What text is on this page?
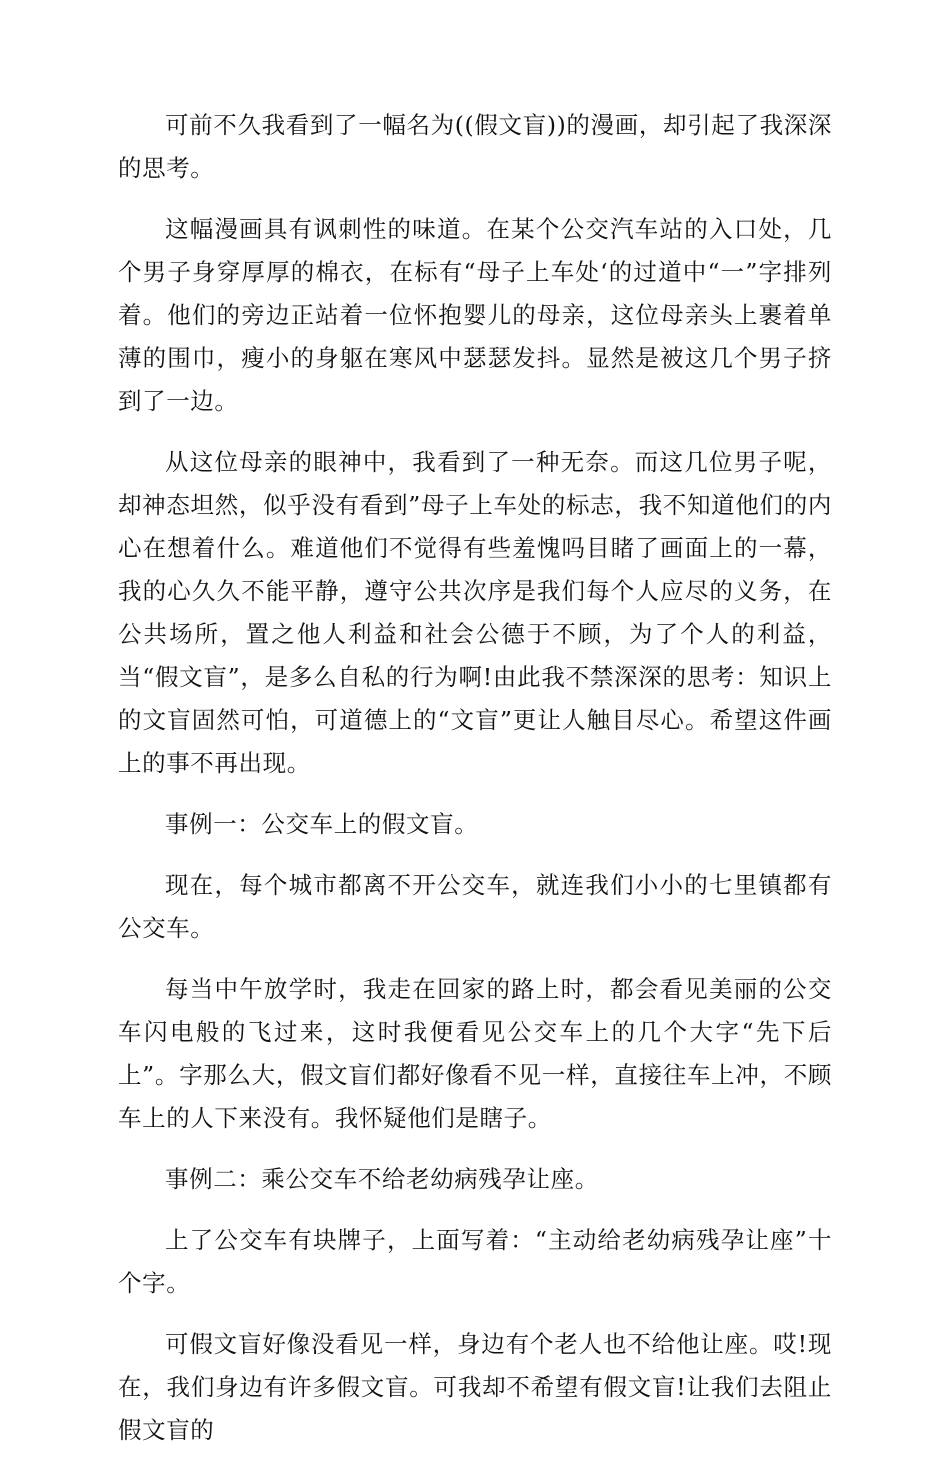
可前不久我看到了一幅名为((假文盲))的漫画，却引起了我深深的思考。

这幅漫画具有讽刺性的味道。在某个公交汽车站的入口处，几个男子身穿厚厚的棉衣，在标有“母子上车处‘的过道中“一”字排列着。他们的旁边正站着一位怀抱婴儿的母亲，这位母亲头上裹着单薄的围巾，瘦小的身躯在寒风中瑟瑟发抖。显然是被这几个男子挤到了一边。

从这位母亲的眼神中，我看到了一种无奈。而这几位男子呢，却神态坦然，似乎没有看到”母子上车处的标志，我不知道他们的内心在想着什么。难道他们不觉得有些羞愧吗目睹了画面上的一幕，我的心久久不能平静，遵守公共次序是我们每个人应尽的义务，在公共场所，置之他人利益和社会公德于不顾，为了个人的利益，当“假文盲”，是多么自私的行为啊!由此我不禁深深的思考：知识上的文盲固然可怕，可道德上的“文盲”更让人触目尽心。希望这件画上的事不再出现。

事例一：公交车上的假文盲。

现在，每个城市都离不开公交车，就连我们小小的七里镇都有公交车。

每当中午放学时，我走在回家的路上时，都会看见美丽的公交车闪电般的飞过来，这时我便看见公交车上的几个大字“先下后上”。字那么大，假文盲们都好像看不见一样，直接往车上冲，不顾车上的人下来没有。我怀疑他们是瞎子。

事例二：乘公交车不给老幼病残孕让座。

上了公交车有块牌子，上面写着：“主动给老幼病残孕让座”十个字。

可假文盲好像没看见一样，身边有个老人也不给他让座。哎!现在，我们身边有许多假文盲。可我却不希望有假文盲!让我们去阻止假文盲的
